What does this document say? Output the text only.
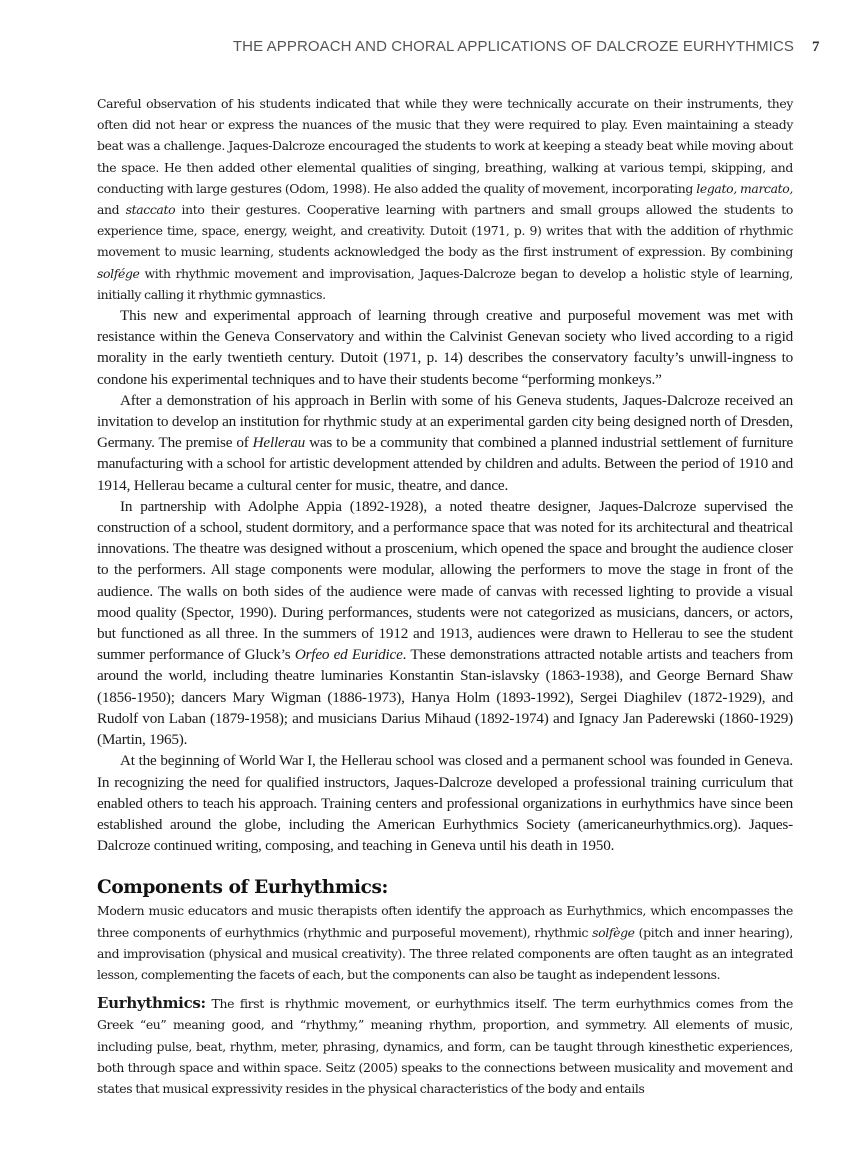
THE APPROACH AND CHORAL APPLICATIONS OF DALCROZE EURHYTHMICS 7

Careful observation of his students indicated that while they were technically accurate on their instruments, they often did not hear or express the nuances of the music that they were required to play. Even maintaining a steady beat was a challenge. Jaques-Dalcroze encouraged the students to work at keeping a steady beat while moving about the space. He then added other elemental qualities of singing, breathing, walking at various tempi, skipping, and conducting with large gestures (Odom, 1998). He also added the quality of movement, incorporating legato, marcato, and staccato into their gestures. Cooperative learning with partners and small groups allowed the students to experience time, space, energy, weight, and creativity. Dutoit (1971, p. 9) writes that with the addition of rhythmic movement to music learning, students acknowledged the body as the first instrument of expression. By combining solfége with rhythmic movement and improvisation, Jaques-Dalcroze began to develop a holistic style of learning, initially calling it rhythmic gymnastics.

This new and experimental approach of learning through creative and purposeful movement was met with resistance within the Geneva Conservatory and within the Calvinist Genevan society who lived according to a rigid morality in the early twentieth century. Dutoit (1971, p. 14) describes the conservatory faculty’s unwill-ingness to condone his experimental techniques and to have their students become “performing monkeys.”

After a demonstration of his approach in Berlin with some of his Geneva students, Jaques-Dalcroze received an invitation to develop an institution for rhythmic study at an experimental garden city being designed north of Dresden, Germany. The premise of Hellerau was to be a community that combined a planned industrial settlement of furniture manufacturing with a school for artistic development attended by children and adults. Between the period of 1910 and 1914, Hellerau became a cultural center for music, theatre, and dance.

In partnership with Adolphe Appia (1892-1928), a noted theatre designer, Jaques-Dalcroze supervised the construction of a school, student dormitory, and a performance space that was noted for its architectural and theatrical innovations. The theatre was designed without a proscenium, which opened the space and brought the audience closer to the performers. All stage components were modular, allowing the performers to move the stage in front of the audience. The walls on both sides of the audience were made of canvas with recessed lighting to provide a visual mood quality (Spector, 1990). During performances, students were not categorized as musicians, dancers, or actors, but functioned as all three. In the summers of 1912 and 1913, audiences were drawn to Hellerau to see the student summer performance of Gluck’s Orfeo ed Euridice. These demonstrations attracted notable artists and teachers from around the world, including theatre luminaries Konstantin Stan-islavsky (1863-1938), and George Bernard Shaw (1856-1950); dancers Mary Wigman (1886-1973), Hanya Holm (1893-1992), Sergei Diaghilev (1872-1929), and Rudolf von Laban (1879-1958); and musicians Darius Mihaud (1892-1974) and Ignacy Jan Paderewski (1860-1929) (Martin, 1965).

At the beginning of World War I, the Hellerau school was closed and a permanent school was founded in Geneva. In recognizing the need for qualified instructors, Jaques-Dalcroze developed a professional training curriculum that enabled others to teach his approach. Training centers and professional organizations in eurhythmics have since been established around the globe, including the American Eurhythmics Society (americaneurhythmics.org). Jaques-Dalcroze continued writing, composing, and teaching in Geneva until his death in 1950.

Components of Eurhythmics:

Modern music educators and music therapists often identify the approach as Eurhythmics, which encompasses the three components of eurhythmics (rhythmic and purposeful movement), rhythmic solfège (pitch and inner hearing), and improvisation (physical and musical creativity). The three related components are often taught as an integrated lesson, complementing the facets of each, but the components can also be taught as independent lessons.

Eurhythmics: The first is rhythmic movement, or eurhythmics itself. The term eurhythmics comes from the Greek “eu” meaning good, and “rhythmy,” meaning rhythm, proportion, and symmetry. All elements of music, including pulse, beat, rhythm, meter, phrasing, dynamics, and form, can be taught through kinesthetic experiences, both through space and within space. Seitz (2005) speaks to the connections between musicality and movement and states that musical expressivity resides in the physical characteristics of the body and entails
